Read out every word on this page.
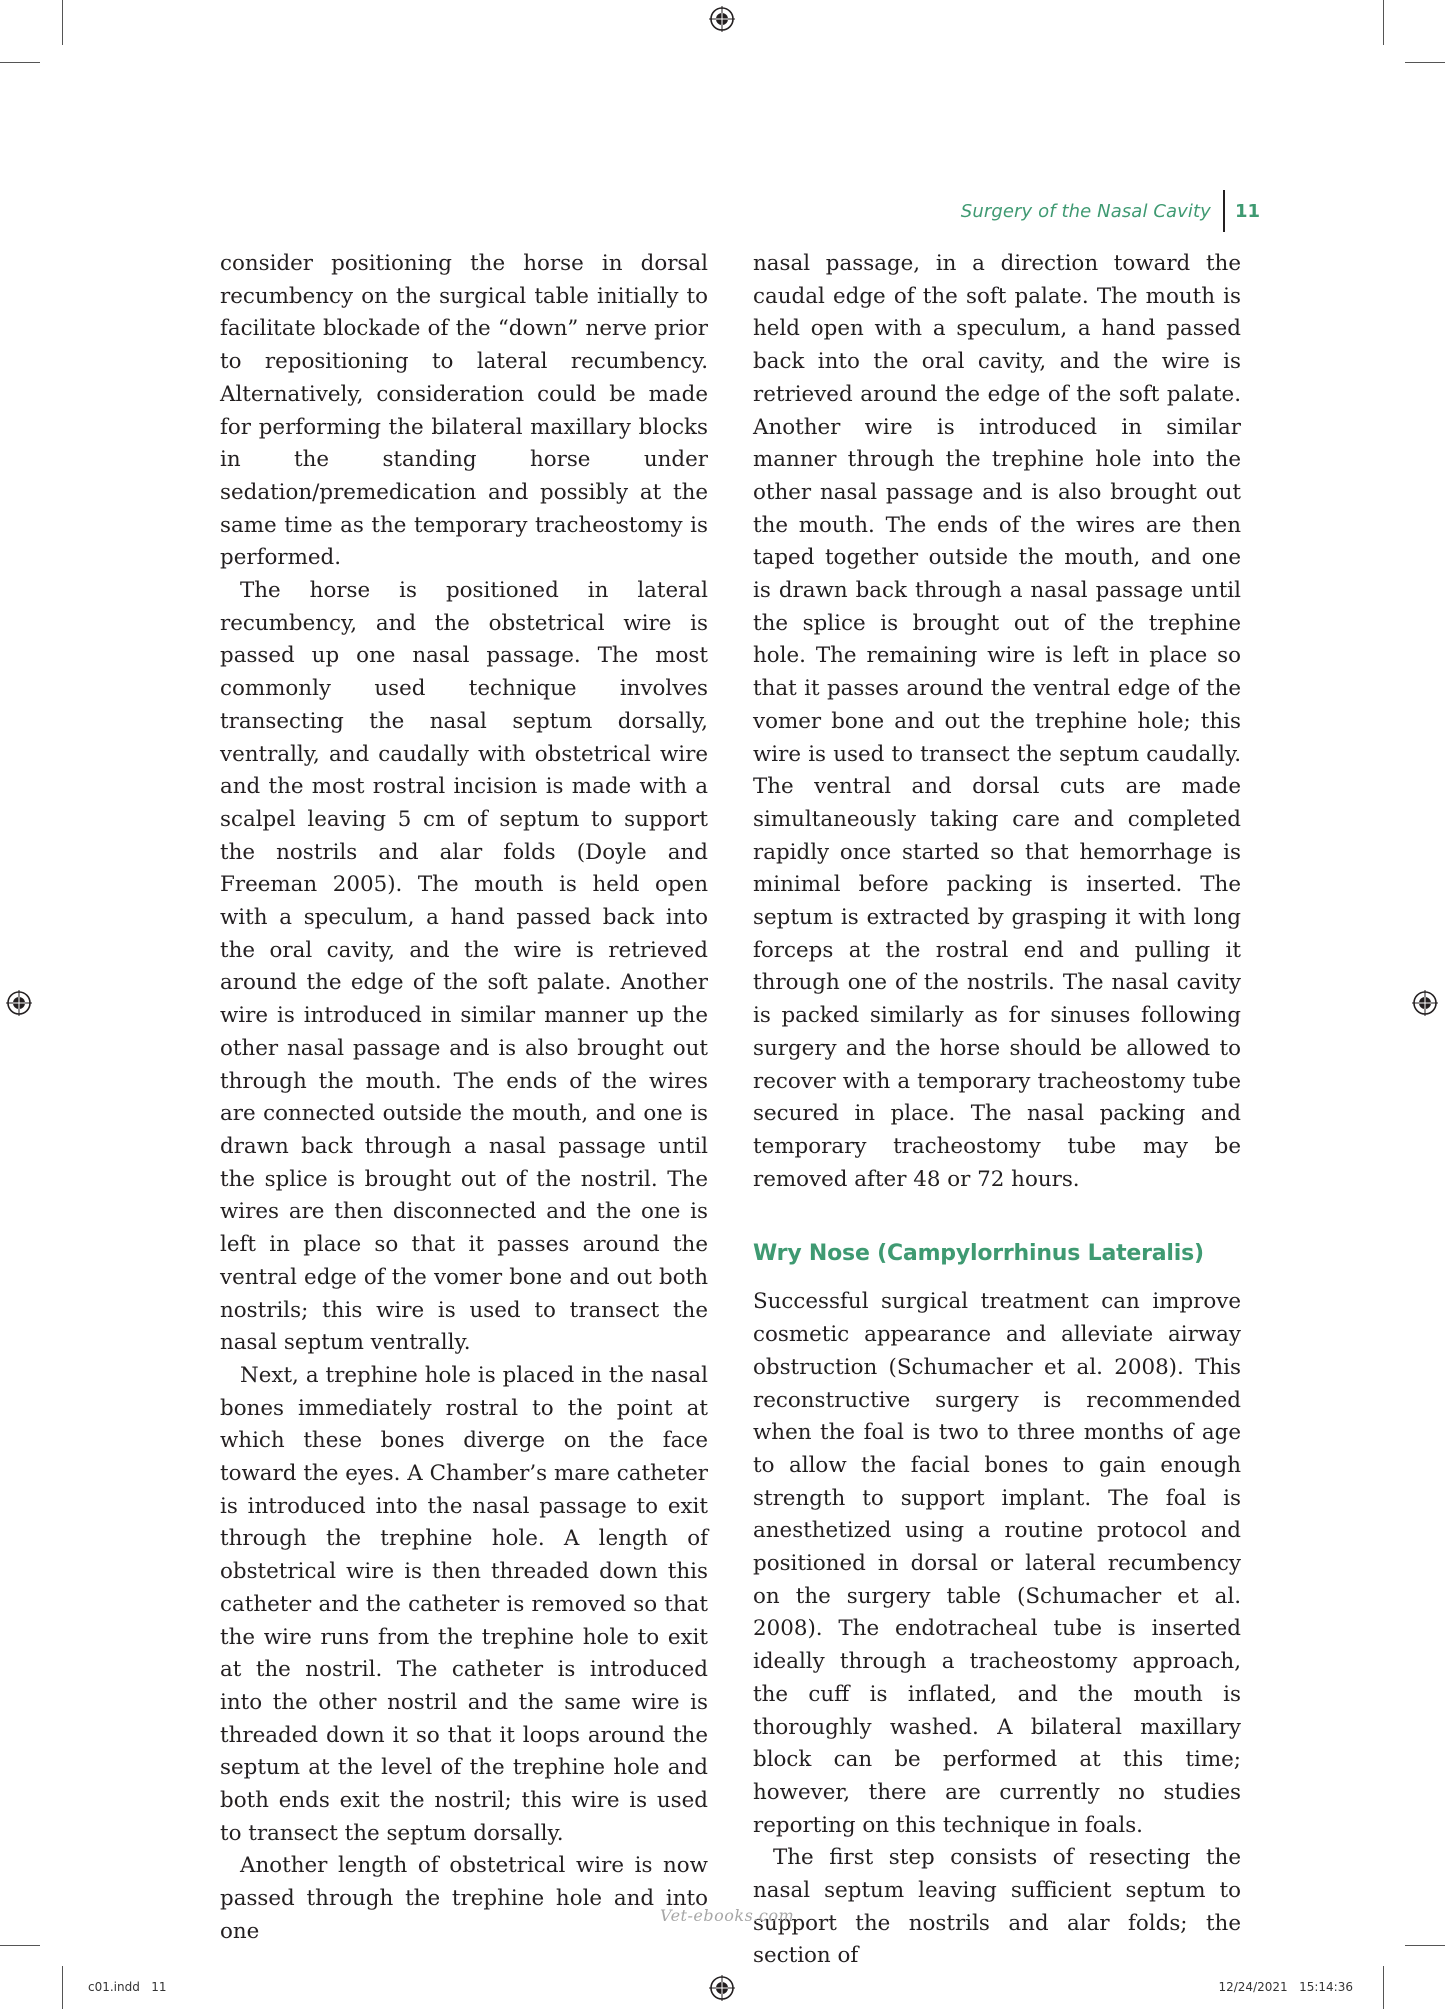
Surgery of the Nasal Cavity 11

consider positioning the horse in dorsal recumbency on the surgical table initially to facilitate blockade of the “down” nerve prior to repositioning to lateral recumbency. Alternatively, consideration could be made for performing the bilateral maxillary blocks in the standing horse under sedation/premedication and possibly at the same time as the temporary tracheostomy is performed.

The horse is positioned in lateral recumbency, and the obstetrical wire is passed up one nasal passage. The most commonly used technique involves transecting the nasal septum dorsally, ventrally, and caudally with obstetrical wire and the most rostral incision is made with a scalpel leaving 5 cm of septum to support the nostrils and alar folds (Doyle and Freeman 2005). The mouth is held open with a speculum, a hand passed back into the oral cavity, and the wire is retrieved around the edge of the soft palate. Another wire is introduced in similar manner up the other nasal passage and is also brought out through the mouth. The ends of the wires are connected outside the mouth, and one is drawn back through a nasal passage until the splice is brought out of the nostril. The wires are then disconnected and the one is left in place so that it passes around the ventral edge of the vomer bone and out both nostrils; this wire is used to transect the nasal septum ventrally.

Next, a trephine hole is placed in the nasal bones immediately rostral to the point at which these bones diverge on the face toward the eyes. A Chamber’s mare catheter is introduced into the nasal passage to exit through the trephine hole. A length of obstetrical wire is then threaded down this catheter and the catheter is removed so that the wire runs from the trephine hole to exit at the nostril. The catheter is introduced into the other nostril and the same wire is threaded down it so that it loops around the septum at the level of the trephine hole and both ends exit the nostril; this wire is used to transect the septum dorsally.

Another length of obstetrical wire is now passed through the trephine hole and into one

nasal passage, in a direction toward the caudal edge of the soft palate. The mouth is held open with a speculum, a hand passed back into the oral cavity, and the wire is retrieved around the edge of the soft palate. Another wire is introduced in similar manner through the trephine hole into the other nasal passage and is also brought out the mouth. The ends of the wires are then taped together outside the mouth, and one is drawn back through a nasal passage until the splice is brought out of the trephine hole. The remaining wire is left in place so that it passes around the ventral edge of the vomer bone and out the trephine hole; this wire is used to transect the septum caudally. The ventral and dorsal cuts are made simultaneously taking care and completed rapidly once started so that hemorrhage is minimal before packing is inserted. The septum is extracted by grasping it with long forceps at the rostral end and pulling it through one of the nostrils. The nasal cavity is packed similarly as for sinuses following surgery and the horse should be allowed to recover with a temporary tracheostomy tube secured in place. The nasal packing and temporary tracheostomy tube may be removed after 48 or 72 hours.

Wry Nose (Campylorrhinus Lateralis)

Successful surgical treatment can improve cosmetic appearance and alleviate airway obstruction (Schumacher et al. 2008). This reconstructive surgery is recommended when the foal is two to three months of age to allow the facial bones to gain enough strength to support implant. The foal is anesthetized using a routine protocol and positioned in dorsal or lateral recumbency on the surgery table (Schumacher et al. 2008). The endotracheal tube is inserted ideally through a tracheostomy approach, the cuff is inflated, and the mouth is thoroughly washed. A bilateral maxillary block can be performed at this time; however, there are currently no studies reporting on this technique in foals.

The first step consists of resecting the nasal septum leaving sufficient septum to support the nostrils and alar folds; the section of

Vet-ebooks.com
c01.indd   11	12/24/2021   15:14:36
